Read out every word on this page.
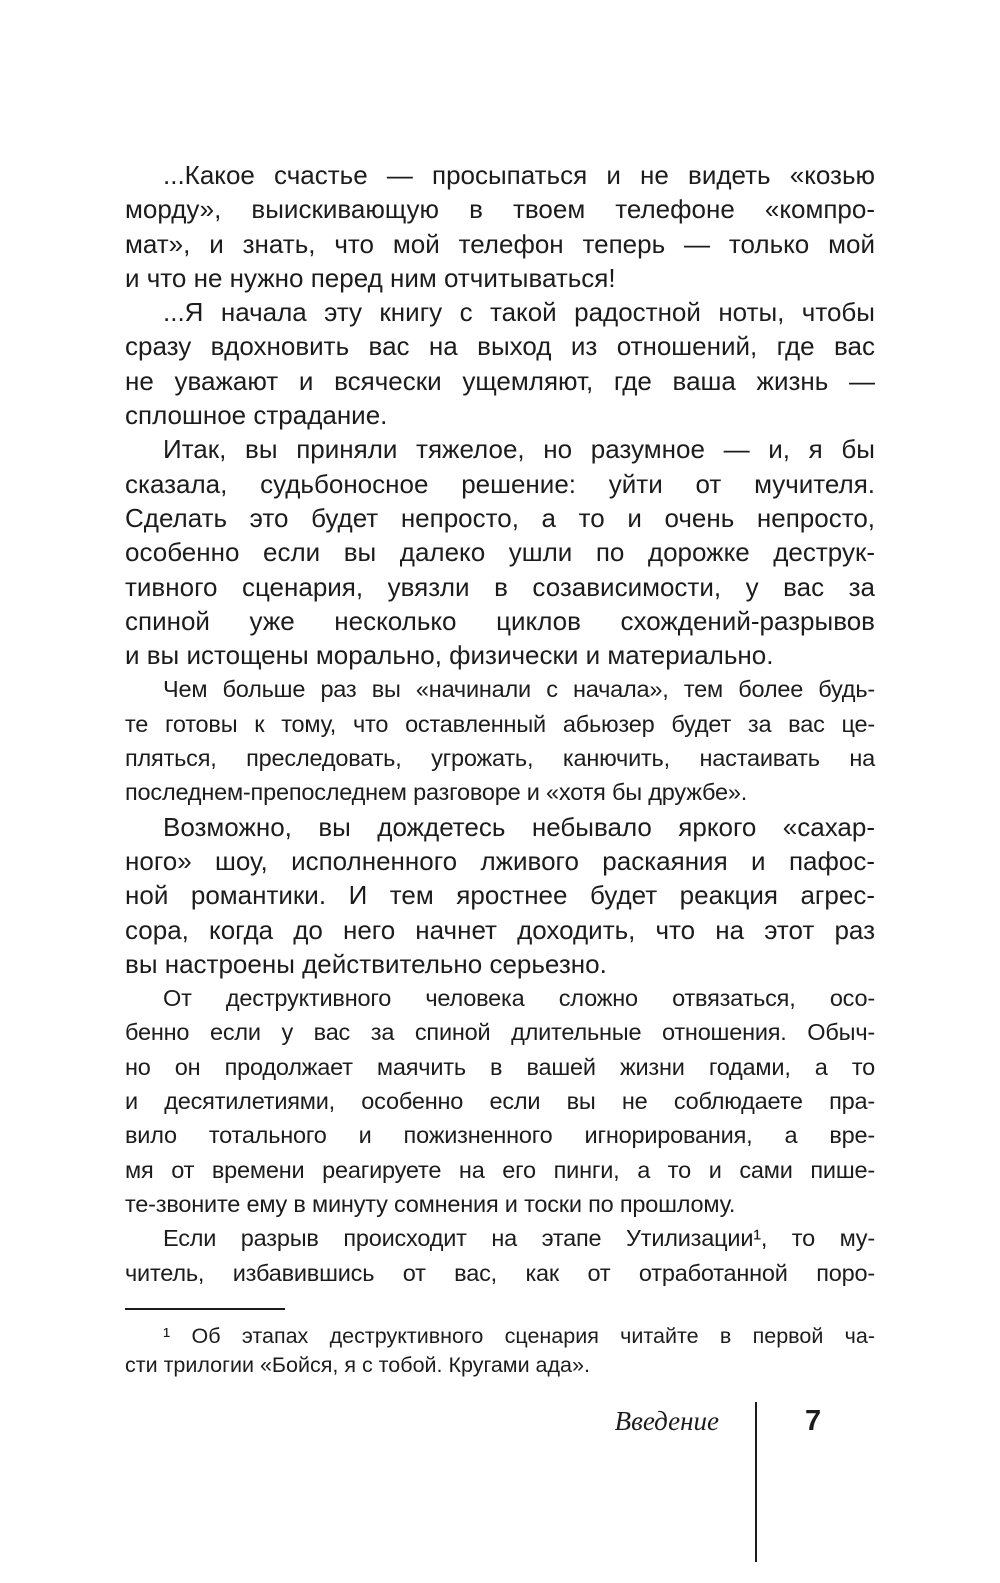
...Какое счастье — просыпаться и не видеть «козью
морду», выискивающую в твоем телефоне «компро-
мат», и знать, что мой телефон теперь — только мой
и что не нужно перед ним отчитываться!
...Я начала эту книгу с такой радостной ноты, чтобы
сразу вдохновить вас на выход из отношений, где вас
не уважают и всячески ущемляют, где ваша жизнь —
сплошное страдание.
Итак, вы приняли тяжелое, но разумное — и, я бы
сказала, судьбоносное решение: уйти от мучителя.
Сделать это будет непросто, а то и очень непросто,
особенно если вы далеко ушли по дорожке деструк-
тивного сценария, увязли в созависимости, у вас за
спиной уже несколько циклов схождений-разрывов
и вы истощены морально, физически и материально.
Чем больше раз вы «начинали с начала», тем более будь-
те готовы к тому, что оставленный абьюзер будет за вас це-
пляться, преследовать, угрожать, канючить, настаивать на
последнем-препоследнем разговоре и «хотя бы дружбе».
Возможно, вы дождетесь небывало яркого «сахар-
ного» шоу, исполненного лживого раскаяния и пафос-
ной романтики. И тем яростнее будет реакция агрес-
сора, когда до него начнет доходить, что на этот раз
вы настроены действительно серьезно.
От деструктивного человека сложно отвязаться, осо-
бенно если у вас за спиной длительные отношения. Обыч-
но он продолжает маячить в вашей жизни годами, а то
и десятилетиями, особенно если вы не соблюдаете пра-
вило тотального и пожизненного игнорирования, а вре-
мя от времени реагируете на его пинги, а то и сами пише-
те-звоните ему в минуту сомнения и тоски по прошлому.
Если разрыв происходит на этапе Утилизации¹, то му-
читель, избавившись от вас, как от отработанной поро-
¹ Об этапах деструктивного сценария читайте в первой ча-
сти трилогии «Бойся, я с тобой. Кругами ада».
Введение	7
